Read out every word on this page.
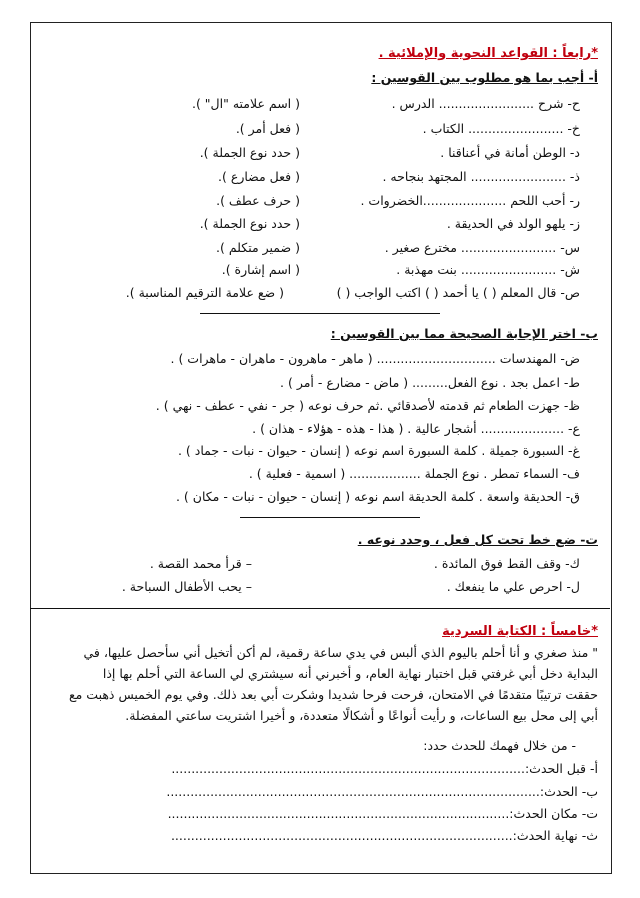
*رابعاً : القواعد النحوية والإملائية .
أ- أجب بما هو مطلوب بين القوسين :
ح- شرح ........................ الدرس .
( اسم علامته "ال" ).
خ- ........................ الكتاب .
( فعل أمر ).
د- الوطن أمانة في أعناقنا .
( حدد نوع الجملة ).
ذ- ........................ المجتهد بنجاحه .
( فعل مضارع ).
ر- أحب اللحم .....................الخضروات .
( حرف عطف ).
ز- يلهو الولد في الحديقة .
( حدد نوع الجملة ).
س- ........................ مخترع صغير .
( ضمير متكلم ).
ش- ........................ بنت مهذبة .
( اسم إشارة ).
ص- قال المعلم ( ) يا أحمد ( ) اكتب الواجب ( )
( ضع علامة الترقيم المناسبة ).
ب- اختر الإجابة الصحيحة مما بين القوسين :
ض- المهندسات .............................. ( ماهر - ماهرون - ماهران - ماهرات ) .
ط- اعمل بجد . نوع الفعل......... ( ماض - مضارع - أمر ) .
ظ- جهزت الطعام ثم قدمته لأصدقائي .ثم حرف نوعه ( جر - نفي - عطف - نهي ) .
ع- ..................... أشجار عالية . ( هذا - هذه - هؤلاء - هذان ) .
غ- السبورة جميلة . كلمة السبورة اسم نوعه ( إنسان - حيوان - نبات - جماد ) .
ف- السماء تمطر . نوع الجملة .................. ( اسمية - فعلية ) .
ق- الحديقة واسعة . كلمة الحديقة اسم نوعه ( إنسان - حيوان - نبات - مكان ) .
ت- ضع خط تحت كل فعل ، وحدد نوعه .
ك- وقف القط فوق المائدة .
– قرأ محمد القصة .
ل- احرص علي ما ينفعك .
– يحب الأطفال السباحة .
*خامساً : الكتابة السردية
" منذ صغري و أنا أحلم باليوم الذي ألبس في يدي ساعة رقمية، لم أكن أتخيل أني سأحصل عليها، في
البداية دخل أبي غرفتي قبل اختبار نهاية العام، و أخبرني أنه سيشتري لي الساعة التي أحلم بها إذا
حققت ترتيبًا متقدمًا في الامتحان، فرحت فرحا شديدا وشكرت أبي بعد ذلك. وفي يوم الخميس ذهبت مع
أبي إلى محل بيع الساعات، و رأيت أنواعًا و أشكالًا متعددة، و أخيرا اشتريت ساعتي المفضلة.
- من خلال فهمك للحدث حدد:
أ- قبل الحدث:.........................................................................................
ب- الحدث:..............................................................................................
ت- مكان الحدث:......................................................................................
ث- نهاية الحدث:......................................................................................
